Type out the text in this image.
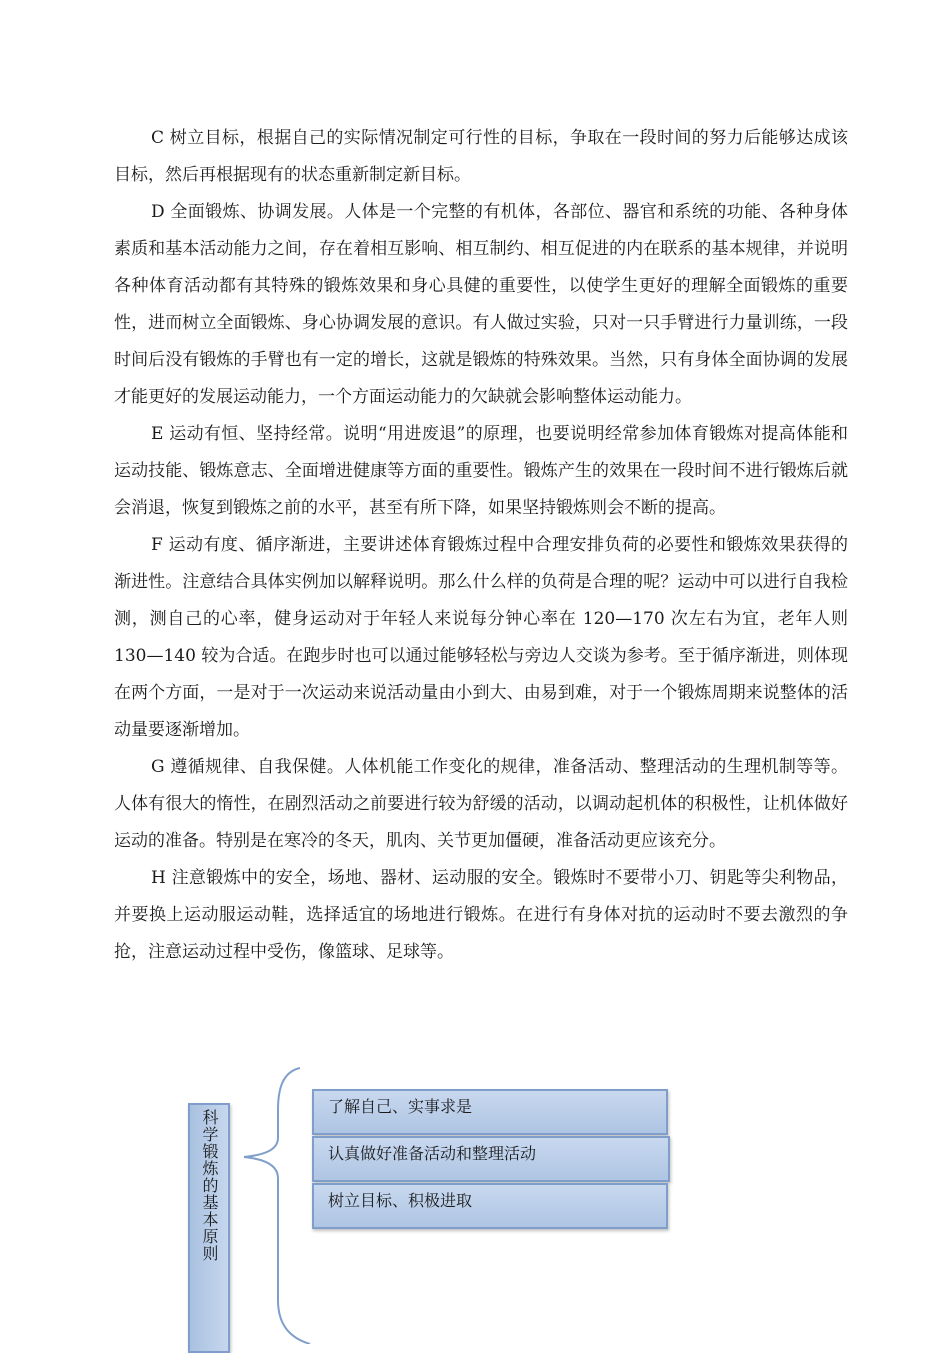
C 树立目标，根据自己的实际情况制定可行性的目标，争取在一段时间的努力后能够达成该目标，然后再根据现有的状态重新制定新目标。

D 全面锻炼、协调发展。人体是一个完整的有机体，各部位、器官和系统的功能、各种身体素质和基本活动能力之间，存在着相互影响、相互制约、相互促进的内在联系的基本规律，并说明各种体育活动都有其特殊的锻炼效果和身心具健的重要性，以使学生更好的理解全面锻炼的重要性，进而树立全面锻炼、身心协调发展的意识。有人做过实验，只对一只手臂进行力量训练，一段时间后没有锻炼的手臂也有一定的增长，这就是锻炼的特殊效果。当然，只有身体全面协调的发展才能更好的发展运动能力，一个方面运动能力的欠缺就会影响整体运动能力。

E 运动有恒、坚持经常。说明“用进废退”的原理，也要说明经常参加体育锻炼对提高体能和运动技能、锻炼意志、全面增进健康等方面的重要性。锻炼产生的效果在一段时间不进行锻炼后就会消退，恢复到锻炼之前的水平，甚至有所下降，如果坚持锻炼则会不断的提高。

F 运动有度、循序渐进，主要讲述体育锻炼过程中合理安排负荷的必要性和锻炼效果获得的渐进性。注意结合具体实例加以解释说明。那么什么样的负荷是合理的呢？运动中可以进行自我检测，测自己的心率，健身运动对于年轻人来说每分钟心率在 120—170 次左右为宜，老年人则 130—140 较为合适。在跑步时也可以通过能够轻松与旁边人交谈为参考。至于循序渐进，则体现在两个方面，一是对于一次运动来说活动量由小到大、由易到难，对于一个锻炼周期来说整体的活动量要逐渐增加。

G 遵循规律、自我保健。人体机能工作变化的规律，准备活动、整理活动的生理机制等等。人体有很大的惰性，在剧烈活动之前要进行较为舒缓的活动，以调动起机体的积极性，让机体做好运动的准备。特别是在寒冷的冬天，肌肉、关节更加僵硬，准备活动更应该充分。

H 注意锻炼中的安全，场地、器材、运动服的安全。锻炼时不要带小刀、钥匙等尖利物品，并要换上运动服运动鞋，选择适宜的场地进行锻炼。在进行有身体对抗的运动时不要去激烈的争抢，注意运动过程中受伤，像篮球、足球等。

科学锻炼的基本原则
了解自己、实事求是
认真做好准备活动和整理活动
树立目标、积极进取
